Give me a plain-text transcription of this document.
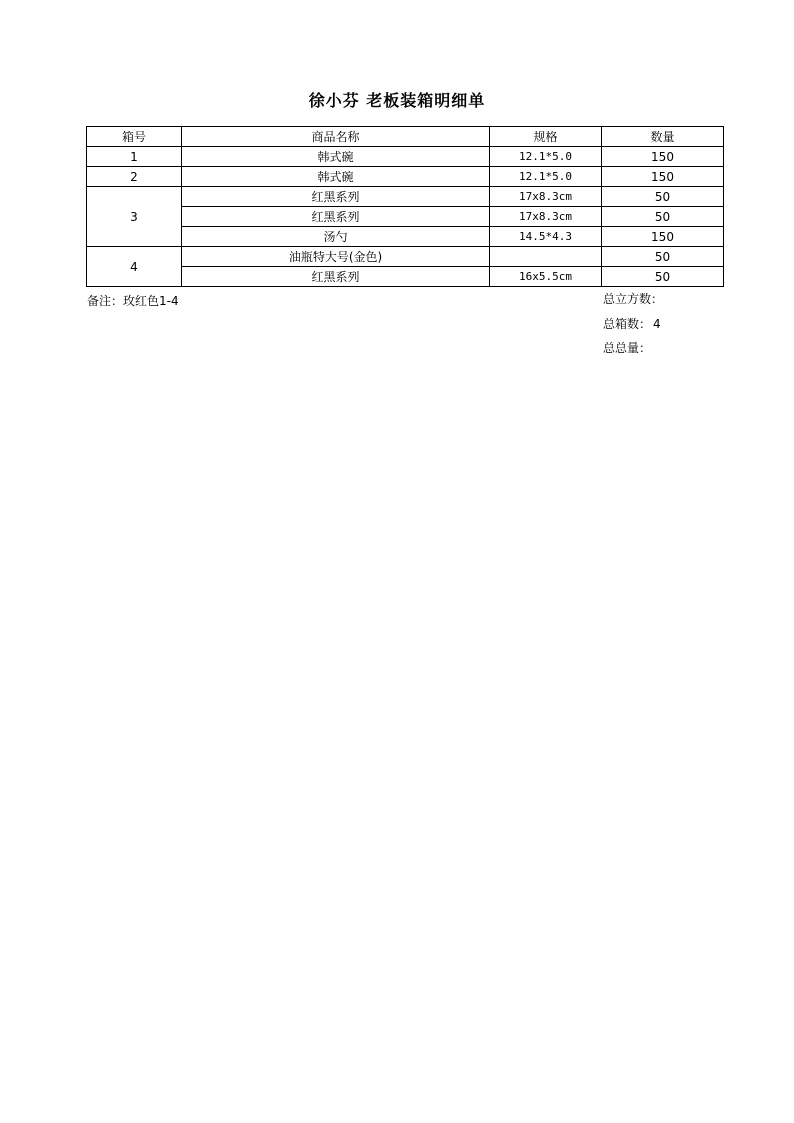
徐小芬 老板装箱明细单
箱号	商品名称	规格	数量
1	韩式碗	12.1*5.0	150
2	韩式碗	12.1*5.0	150
3	红黑系列	17x8.3cm	50
	红黑系列	17x8.3cm	50
	汤勺	14.5*4.3	150
4	油瓶特大号(金色)		50
	红黑系列	16x5.5cm	50
备注：玫红色1-4	总立方数：
总箱数： 4
总总量：
